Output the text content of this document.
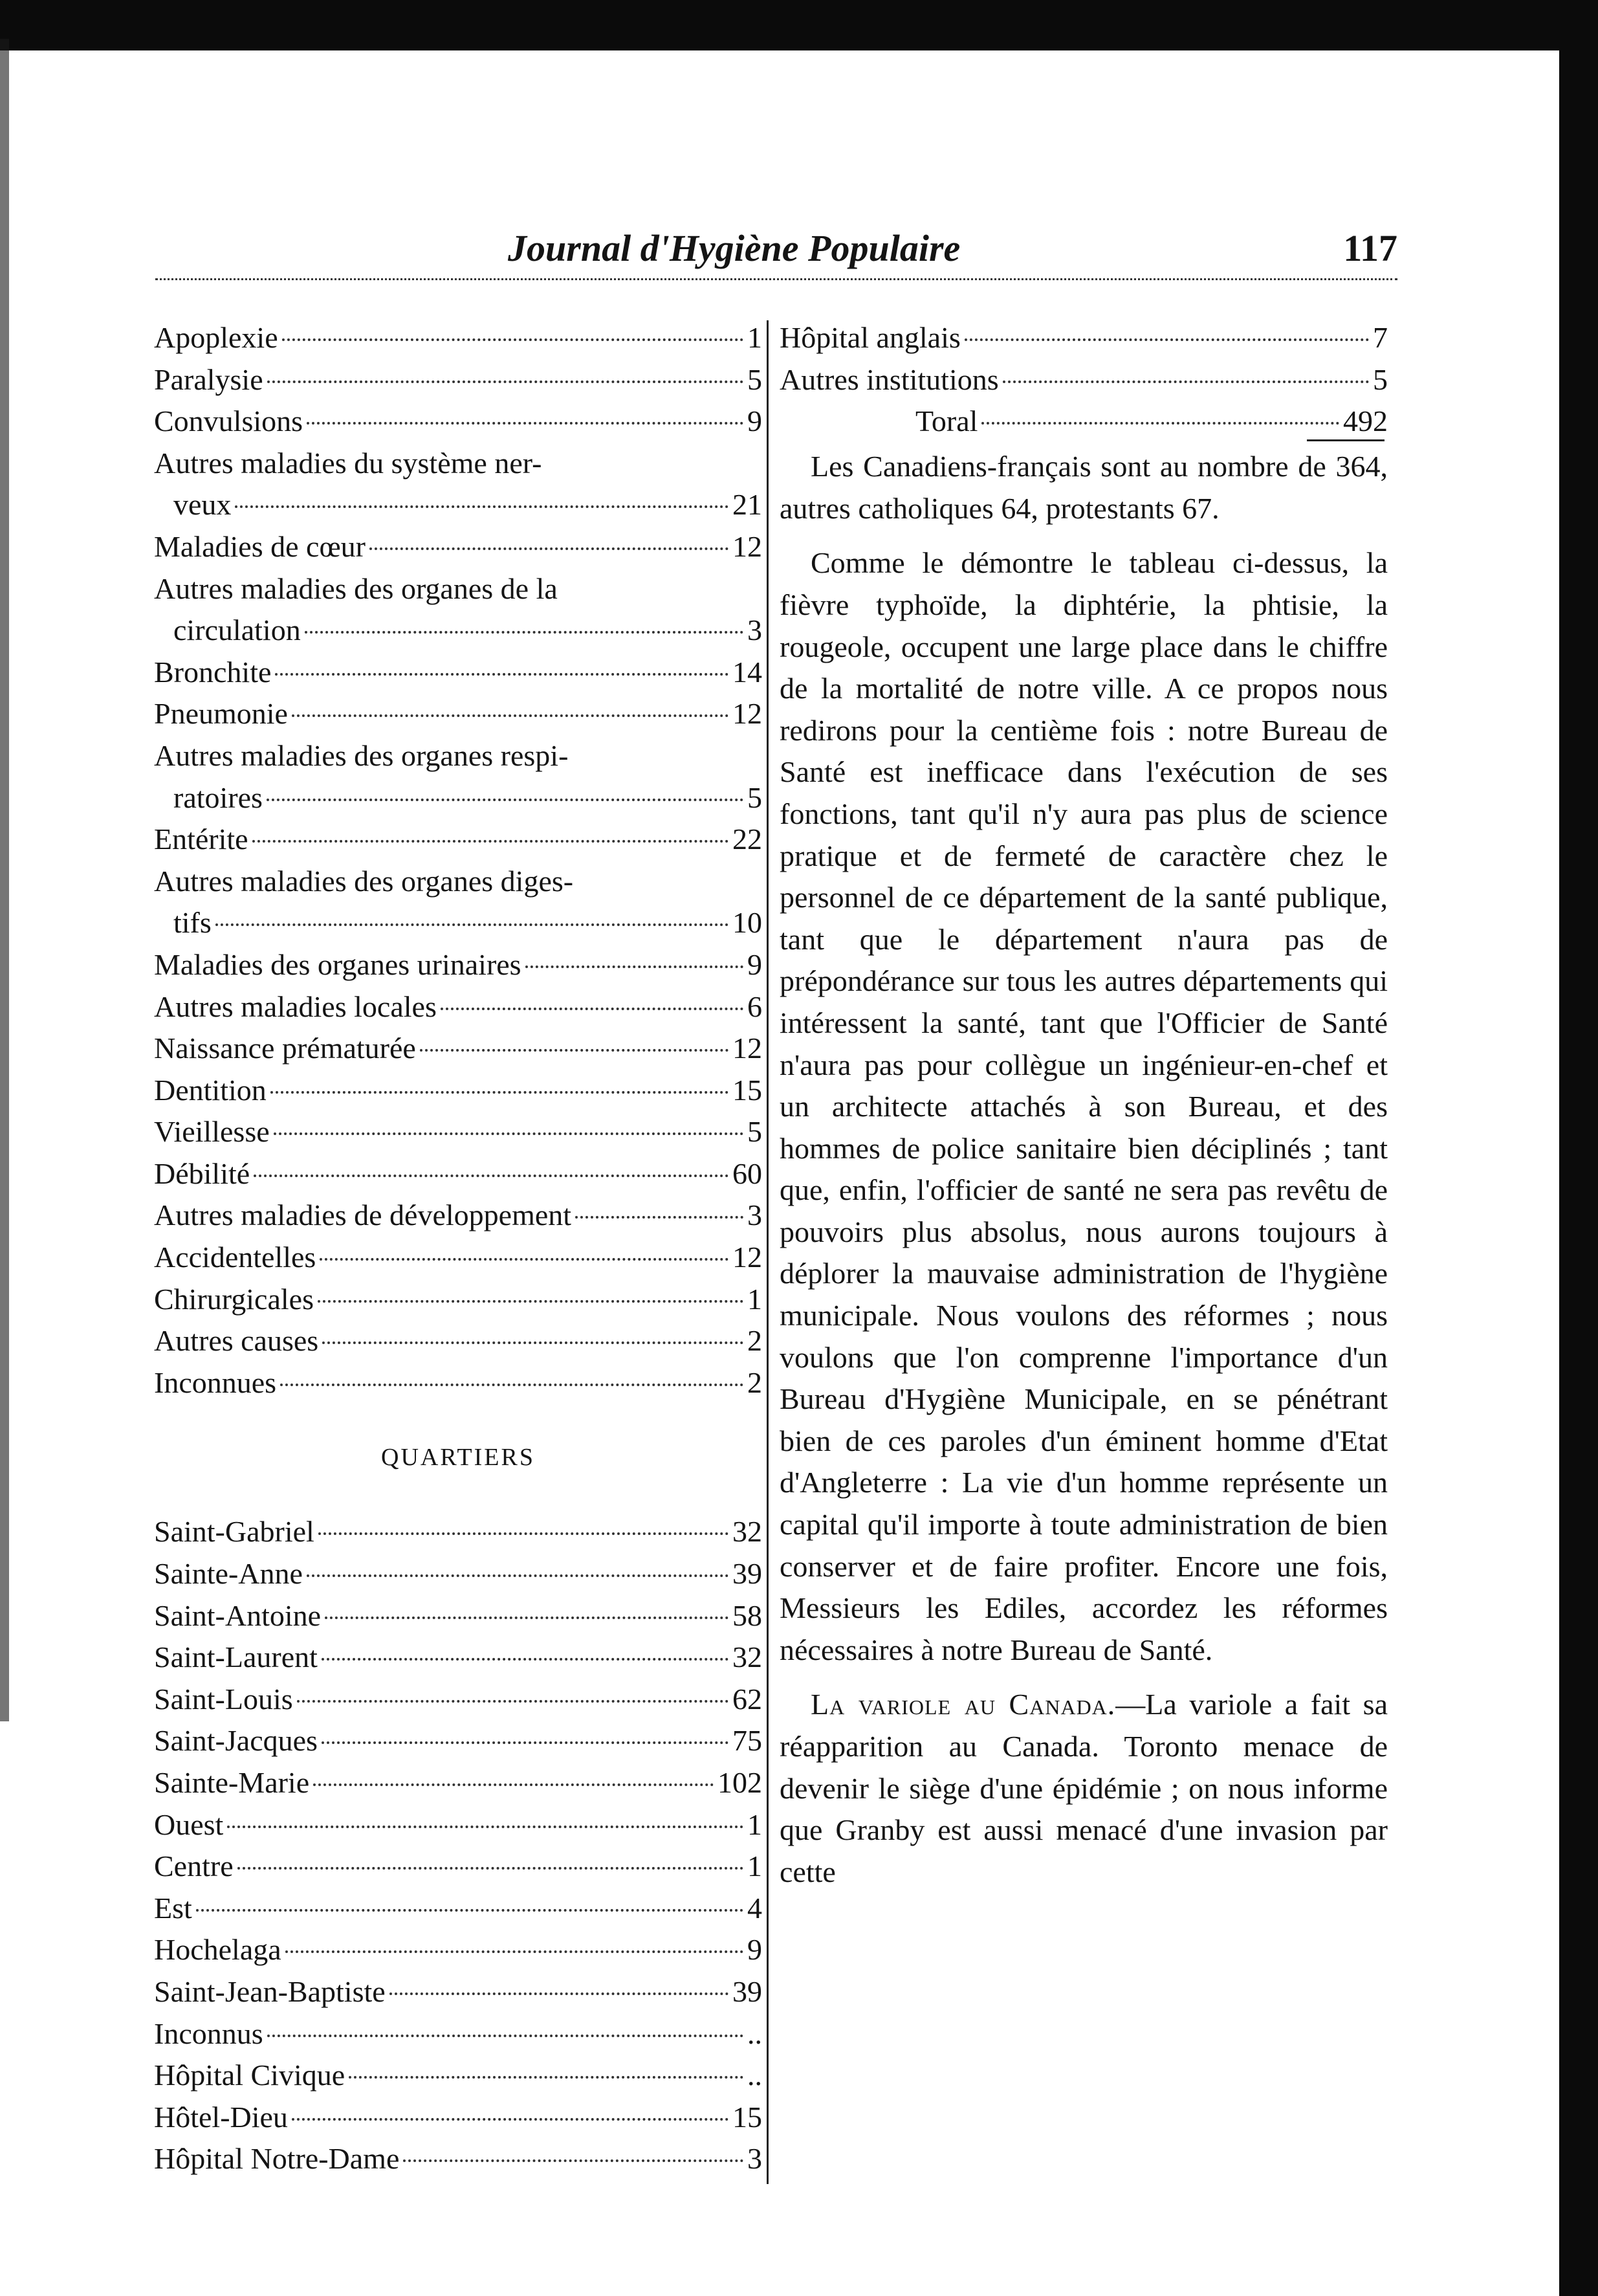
Journal d'Hygiène Populaire	117
Apoplexie	1
Paralysie	5
Convulsions	9
Autres maladies du système ner-
veux	21
Maladies de cœur	12
Autres maladies des organes de la
circulation	3
Bronchite	14
Pneumonie	12
Autres maladies des organes respi-
ratoires	5
Entérite	22
Autres maladies des organes diges-
tifs	10
Maladies des organes urinaires	9
Autres maladies locales	6
Naissance prématurée	12
Dentition	15
Vieillesse	5
Débilité	60
Autres maladies de développement	3
Accidentelles	12
Chirurgicales	1
Autres causes	2
Inconnues	2
QUARTIERS
Saint-Gabriel	32
Sainte-Anne	39
Saint-Antoine	58
Saint-Laurent	32
Saint-Louis	62
Saint-Jacques	75
Sainte-Marie	102
Ouest	1
Centre	1
Est	4
Hochelaga	9
Saint-Jean-Baptiste	39
Inconnus	..
Hôpital Civique	..
Hôtel-Dieu	15
Hôpital Notre-Dame	3
Hôpital anglais	7
Autres institutions	5
Toral	492

Les Canadiens-français sont au nombre de 364, autres catholiques 64, protestants 67.

Comme le démontre le tableau ci-dessus, la fièvre typhoïde, la diphtérie, la phtisie, la rougeole, occupent une large place dans le chiffre de la mortalité de notre ville. A ce propos nous redirons pour la centième fois : notre Bureau de Santé est inefficace dans l'exécution de ses fonctions, tant qu'il n'y aura pas plus de science pratique et de fermeté de caractère chez le personnel de ce département de la santé publique, tant que le département n'aura pas de prépondérance sur tous les autres départements qui intéressent la santé, tant que l'Officier de Santé n'aura pas pour collègue un ingénieur-en-chef et un architecte attachés à son Bureau, et des hommes de police sanitaire bien déciplinés ; tant que, enfin, l'officier de santé ne sera pas revêtu de pouvoirs plus absolus, nous aurons toujours à déplorer la mauvaise administration de l'hygiène municipale. Nous voulons des réformes ; nous voulons que l'on comprenne l'importance d'un Bureau d'Hygiène Municipale, en se pénétrant bien de ces paroles d'un éminent homme d'Etat d'Angleterre : La vie d'un homme représente un capital qu'il importe à toute administration de bien conserver et de faire profiter. Encore une fois, Messieurs les Ediles, accordez les réformes nécessaires à notre Bureau de Santé.

La variole au Canada.—La variole a fait sa réapparition au Canada. Toronto menace de devenir le siège d'une épidémie ; on nous informe que Granby est aussi menacé d'une invasion par cette
